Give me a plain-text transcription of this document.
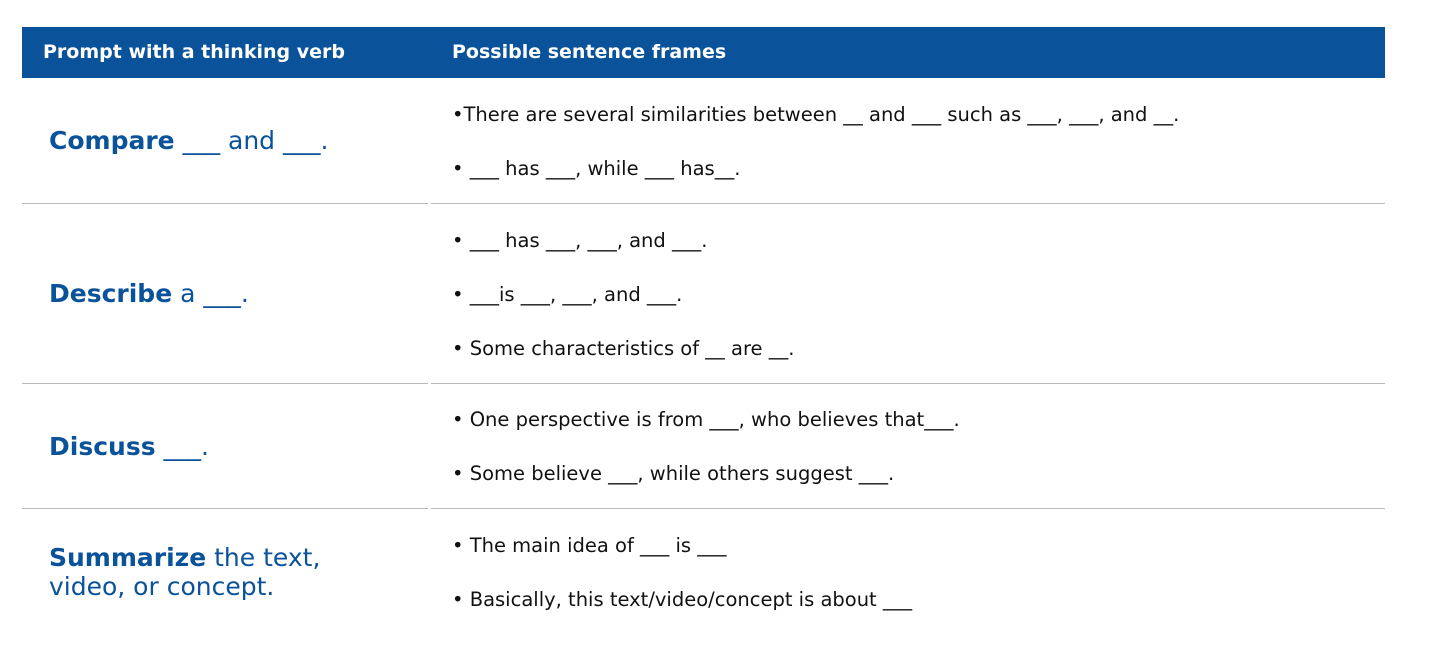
Prompt with a thinking verb	Possible sentence frames
Compare ___ and ___.
•There are several similarities between __ and ___ such as ___, ___, and __.
• ___ has ___, while ___ has__.
Describe a ___.
• ___ has ___, ___, and ___.
• ___is ___, ___, and ___.
• Some characteristics of __ are __.
Discuss ___.
• One perspective is from ___, who believes that___.
• Some believe ___, while others suggest ___.
Summarize the text, video, or concept.
• The main idea of ___ is ___
• Basically, this text/video/concept is about ___
